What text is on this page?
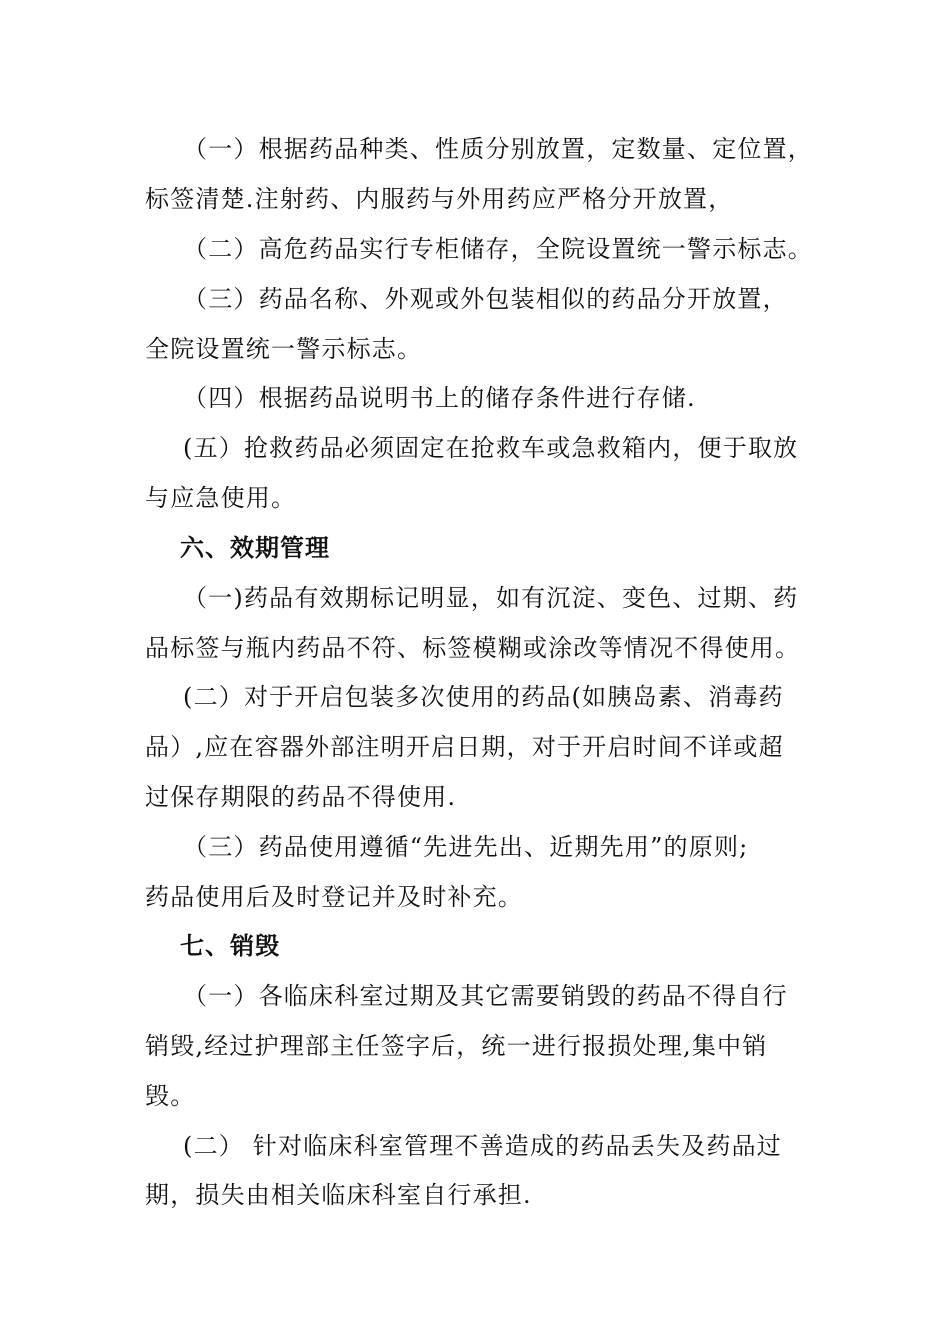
（一）根据药品种类、性质分别放置，定数量、定位置，
标签清楚.注射药、内服药与外用药应严格分开放置，
（二）高危药品实行专柜储存，全院设置统一警示标志。
（三）药品名称、外观或外包装相似的药品分开放置，
全院设置统一警示标志。
（四）根据药品说明书上的储存条件进行存储.
(五）抢救药品必须固定在抢救车或急救箱内，便于取放
与应急使用。
六、效期管理
（一)药品有效期标记明显，如有沉淀、变色、过期、药
品标签与瓶内药品不符、标签模糊或涂改等情况不得使用。
(二）对于开启包装多次使用的药品(如胰岛素、消毒药
品）,应在容器外部注明开启日期，对于开启时间不详或超
过保存期限的药品不得使用.
（三）药品使用遵循“先进先出、近期先用”的原则;
药品使用后及时登记并及时补充。
七、销毁
（一）各临床科室过期及其它需要销毁的药品不得自行
销毁,经过护理部主任签字后，统一进行报损处理,集中销
毁。
(二） 针对临床科室管理不善造成的药品丢失及药品过
期，损失由相关临床科室自行承担.
